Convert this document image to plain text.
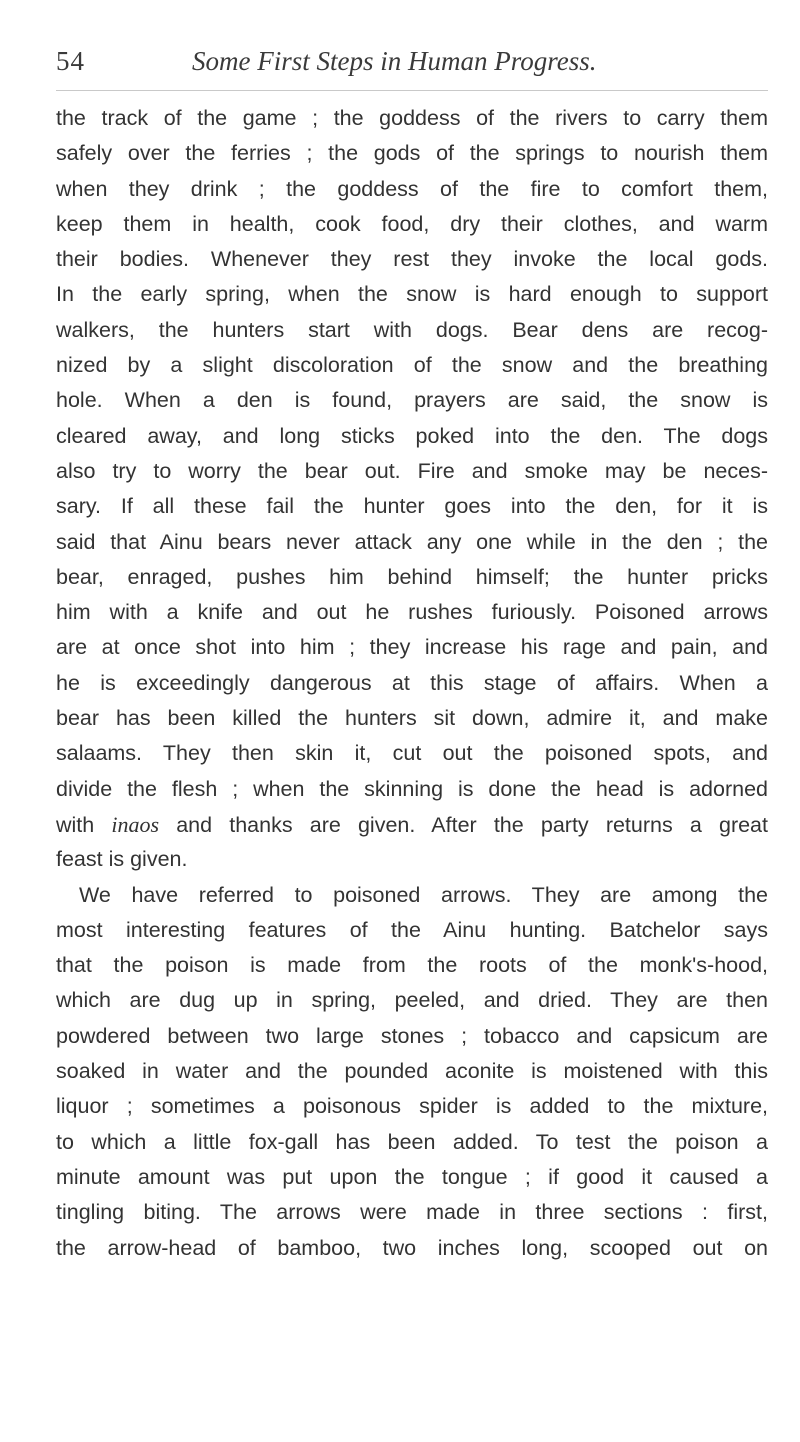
54	Some First Steps in Human Progress.
the track of the game ; the goddess of the rivers to carry them
safely over the ferries ; the gods of the springs to nourish them
when they drink ; the goddess of the fire to comfort them,
keep them in health, cook food, dry their clothes, and warm
their bodies. Whenever they rest they invoke the local gods.
In the early spring, when the snow is hard enough to support
walkers, the hunters start with dogs. Bear dens are recog-
nized by a slight discoloration of the snow and the breathing
hole. When a den is found, prayers are said, the snow is
cleared away, and long sticks poked into the den. The dogs
also try to worry the bear out. Fire and smoke may be neces-
sary. If all these fail the hunter goes into the den, for it is
said that Ainu bears never attack any one while in the den ; the
bear, enraged, pushes him behind himself; the hunter pricks
him with a knife and out he rushes furiously. Poisoned arrows
are at once shot into him ; they increase his rage and pain, and
he is exceedingly dangerous at this stage of affairs. When a
bear has been killed the hunters sit down, admire it, and make
salaams. They then skin it, cut out the poisoned spots, and
divide the flesh ; when the skinning is done the head is adorned
with inaos and thanks are given. After the party returns a great
feast is given.
We have referred to poisoned arrows. They are among the
most interesting features of the Ainu hunting. Batchelor says
that the poison is made from the roots of the monk's-hood,
which are dug up in spring, peeled, and dried. They are then
powdered between two large stones ; tobacco and capsicum are
soaked in water and the pounded aconite is moistened with this
liquor ; sometimes a poisonous spider is added to the mixture,
to which a little fox-gall has been added. To test the poison a
minute amount was put upon the tongue ; if good it caused a
tingling biting. The arrows were made in three sections : first,
the arrow-head of bamboo, two inches long, scooped out on
